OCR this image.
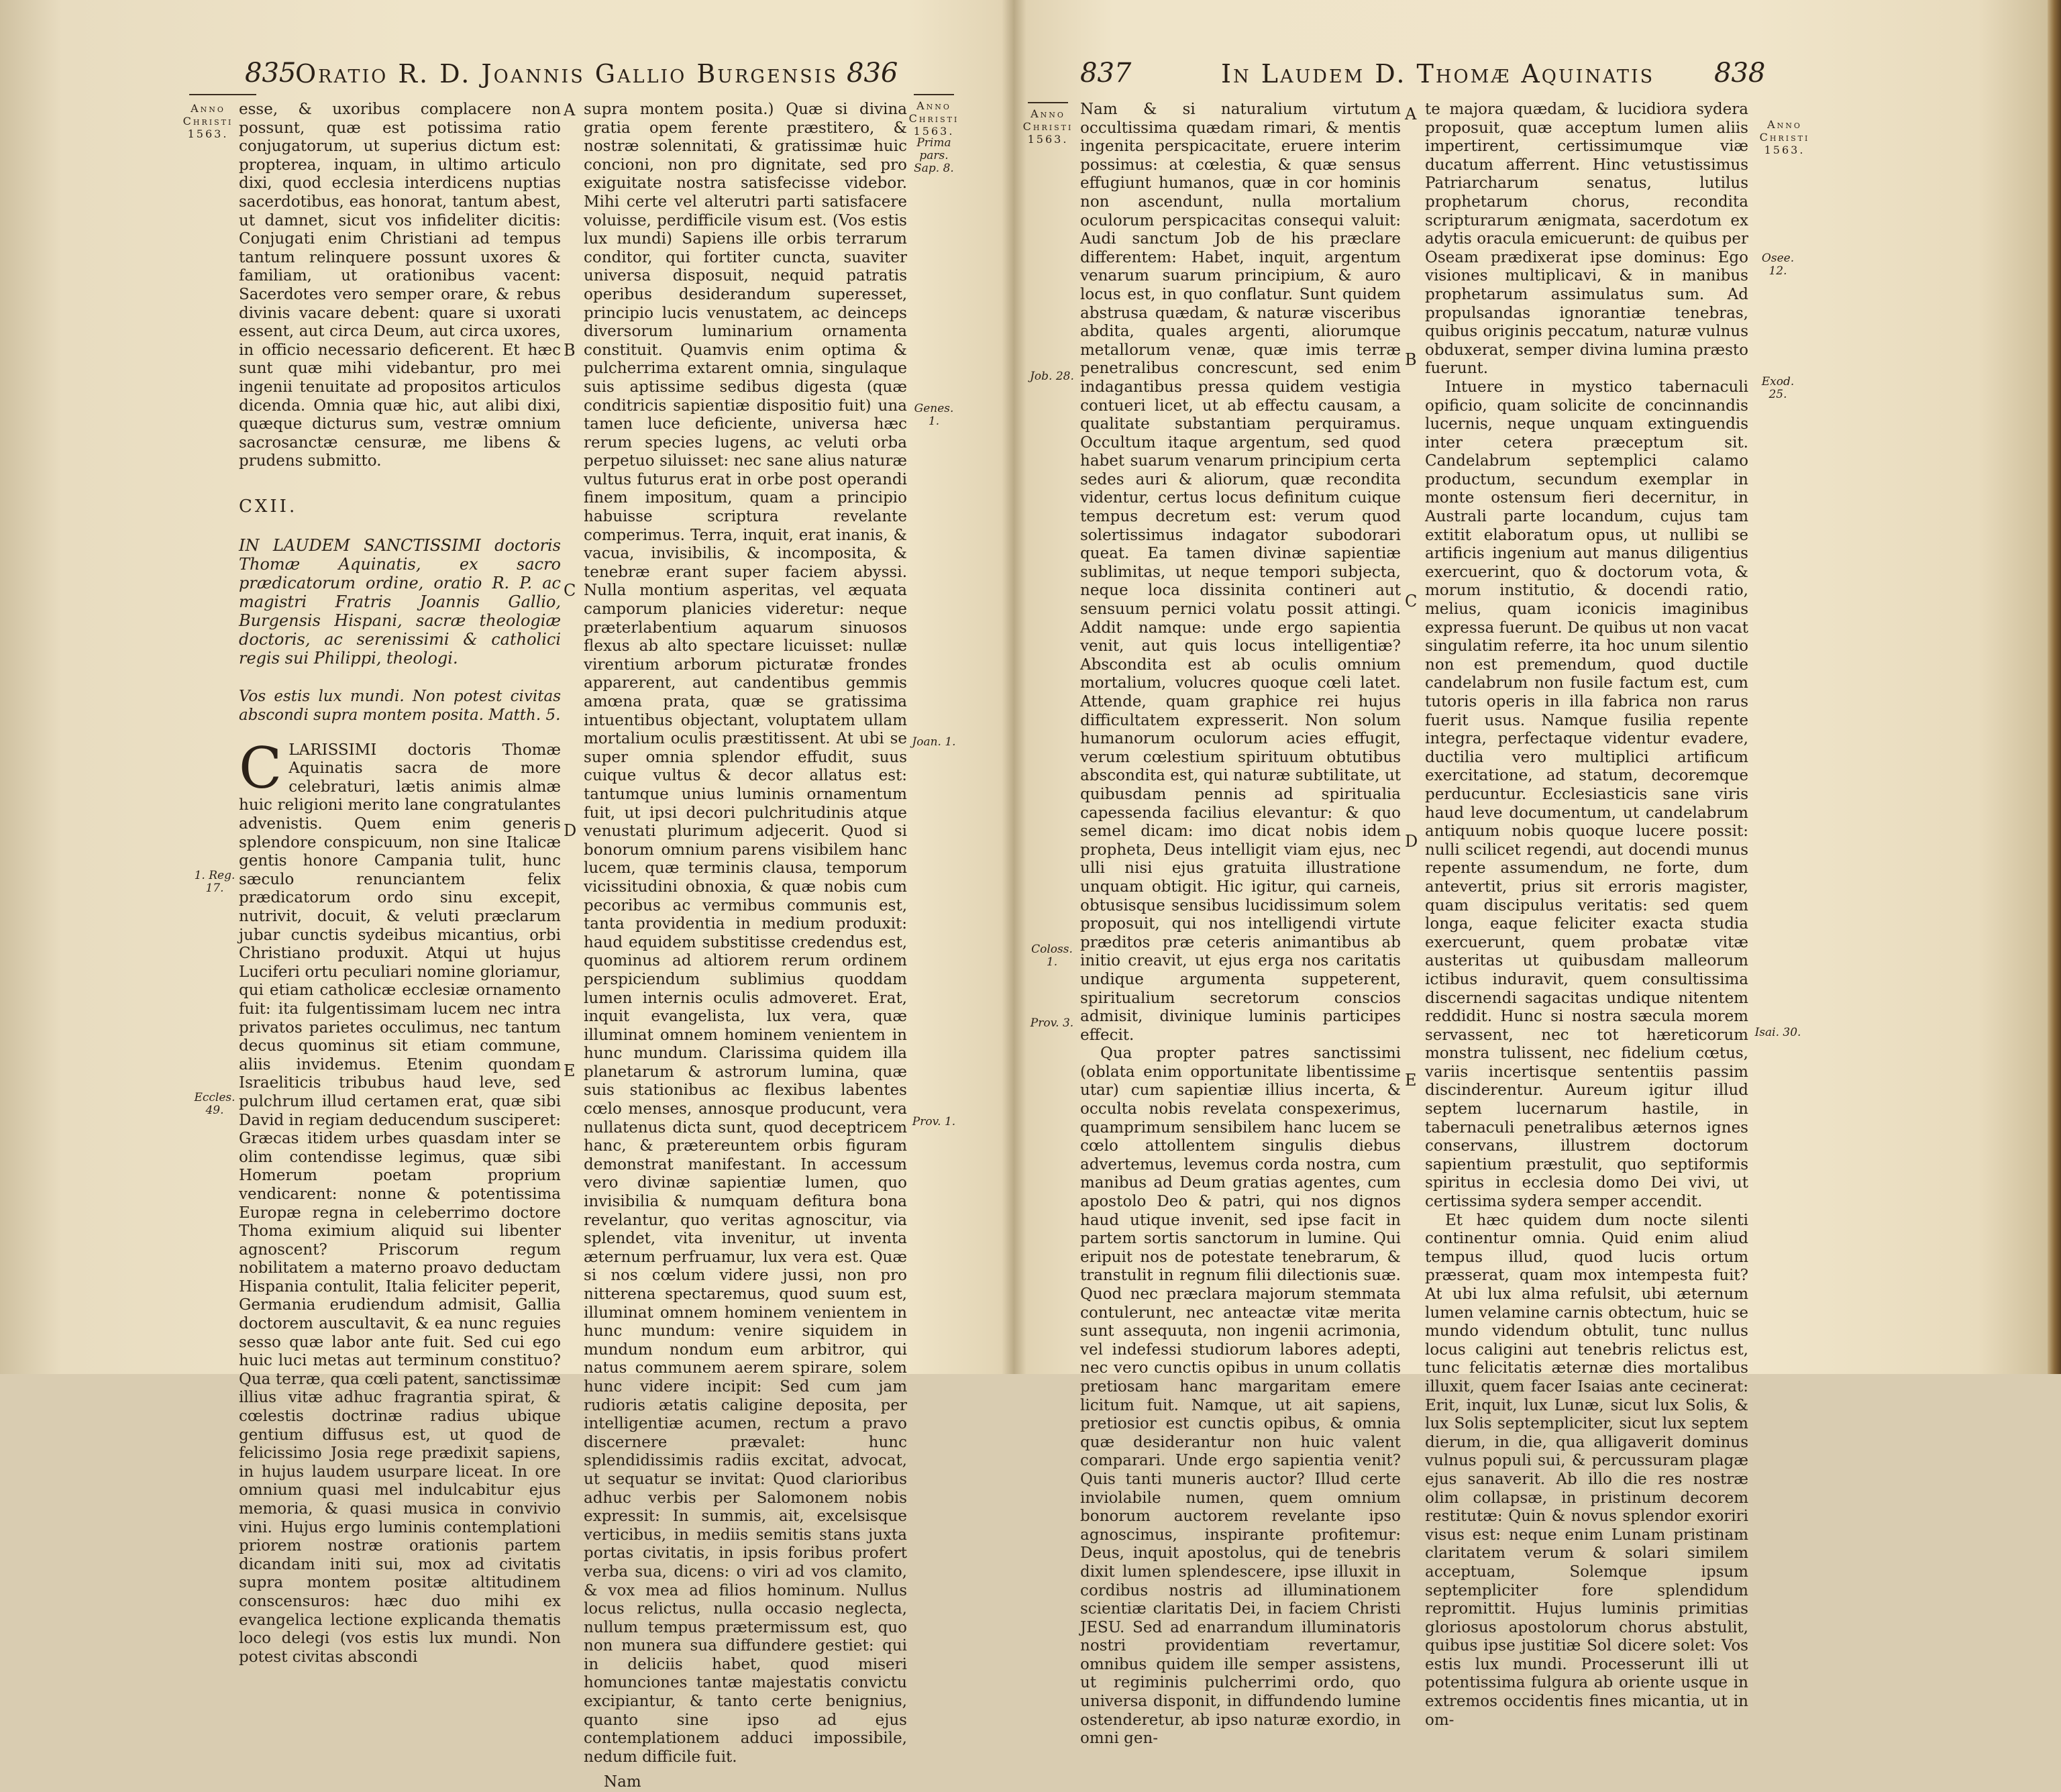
835
Oratio R. D. Joannis Gallio Burgensis 836
Anno
Christi
1563.
Anno
Christi
1563.

esse, & uxoribus complacere non possunt, quæ est potissima ratio conjugatorum, ut superius dictum est: propterea, inquam, in ultimo articulo dixi, quod ecclesia interdicens nuptias sacerdotibus, eas honorat, tantum abest, ut damnet, sicut vos infideliter dicitis: Conjugati enim Christiani ad tempus tantum relinquere possunt uxores & familiam, ut orationibus vacent: Sacerdotes vero semper orare, & rebus divinis vacare debent: quare si uxorati essent, aut circa Deum, aut circa uxores, in officio necessario deficerent. Et hæc sunt quæ mihi videbantur, pro mei ingenii tenuitate ad propositos articulos dicenda. Omnia quæ hic, aut alibi dixi, quæque dicturus sum, vestræ omnium sacrosanctæ censuræ, me libens & prudens submitto.

CXII.

IN LAUDEM SANCTISSIMI doctoris Thomæ Aquinatis, ex sacro prædicatorum ordine, oratio R. P. ac magistri Fratris Joannis Gallio, Burgensis Hispani, sacræ theologiæ doctoris, ac serenissimi & catholici regis sui Philippi, theologi.

Vos estis lux mundi. Non potest civitas abscondi supra montem posita. Matth. 5.

CLARISSIMI doctoris Thomæ Aquinatis sacra de more celebraturi, lætis animis almæ huic religioni merito lane congratulantes advenistis. Quem enim generis splendore conspicuum, non sine Italicæ gentis honore Campania tulit, hunc sæculo renunciantem felix prædicatorum ordo sinu excepit, nutrivit, docuit, & veluti præclarum jubar cunctis sydeibus micantius, orbi Christiano produxit. Atqui ut hujus Luciferi ortu peculiari nomine gloriamur, qui etiam catholicæ ecclesiæ ornamento fuit: ita fulgentissimam lucem nec intra privatos parietes occulimus, nec tantum decus quominus sit etiam commune, aliis invidemus. Etenim quondam Israeliticis tribubus haud leve, sed pulchrum illud certamen erat, quæ sibi David in regiam deducendum susciperet: Græcas itidem urbes quasdam inter se olim contendisse legimus, quæ sibi Homerum poetam proprium vendicarent: nonne & potentissima Europæ regna in celeberrimo doctore Thoma eximium aliquid sui libenter agnoscent? Priscorum regum nobilitatem a materno proavo deductam Hispania contulit, Italia feliciter peperit, Germania erudiendum admisit, Gallia doctorem auscultavit, & ea nunc reguies sesso quæ labor ante fuit. Sed cui ego huic luci metas aut terminum constituo? Qua terræ, qua cœli patent, sanctissimæ illius vitæ adhuc fragrantia spirat, & cœlestis doctrinæ radius ubique gentium diffusus est, ut quod de felicissimo Josia rege prædixit sapiens, in hujus laudem usurpare liceat. In ore omnium quasi mel indulcabitur ejus memoria, & quasi musica in convivio vini. Hujus ergo luminis contemplationi priorem nostræ orationis partem dicandam initi sui, mox ad civitatis supra montem positæ altitudinem conscensuros: hæc duo mihi ex evangelica lectione explicanda thematis loco delegi (vos estis lux mundi. Non potest civitas abscondi

supra montem posita.) Quæ si divina gratia opem ferente præstitero, & nostræ solennitati, & gratissimæ huic concioni, non pro dignitate, sed pro exiguitate nostra satisfecisse videbor. Mihi certe vel alterutri parti satisfacere voluisse, perdifficile visum est. (Vos estis lux mundi) Sapiens ille orbis terrarum conditor, qui fortiter cuncta, suaviter universa disposuit, nequid patratis operibus desiderandum superesset, principio lucis venustatem, ac deinceps diversorum luminarium ornamenta constituit. Quamvis enim optima & pulcherrima extarent omnia, singulaque suis aptissime sedibus digesta (quæ conditricis sapientiæ dispositio fuit) una tamen luce deficiente, universa hæc rerum species lugens, ac veluti orba perpetuo siluisset: nec sane alius naturæ vultus futurus erat in orbe post operandi finem impositum, quam a principio habuisse scriptura revelante comperimus. Terra, inquit, erat inanis, & vacua, invisibilis, & incomposita, & tenebræ erant super faciem abyssi. Nulla montium asperitas, vel æquata camporum planicies videretur: neque præterlabentium aquarum sinuosos flexus ab alto spectare licuisset: nullæ virentium arborum picturatæ frondes apparerent, aut candentibus gemmis amœna prata, quæ se gratissima intuentibus objectant, voluptatem ullam mortalium oculis præstitissent. At ubi se super omnia splendor effudit, suus cuique vultus & decor allatus est: tantumque unius luminis ornamentum fuit, ut ipsi decori pulchritudinis atque venustati plurimum adjecerit. Quod si bonorum omnium parens visibilem hanc lucem, quæ terminis clausa, temporum vicissitudini obnoxia, & quæ nobis cum pecoribus ac vermibus communis est, tanta providentia in medium produxit: haud equidem substitisse credendus est, quominus ad altiorem rerum ordinem perspiciendum sublimius quoddam lumen internis oculis admoveret. Erat, inquit evangelista, lux vera, quæ illuminat omnem hominem venientem in hunc mundum. Clarissima quidem illa planetarum & astrorum lumina, quæ suis stationibus ac flexibus labentes cœlo menses, annosque producunt, vera nullatenus dicta sunt, quod deceptricem hanc, & prætereuntem orbis figuram demonstrat manifestant. In accessum vero divinæ sapientiæ lumen, quo invisibilia & numquam defitura bona revelantur, quo veritas agnoscitur, via splendet, vita invenitur, ut inventa æternum perfruamur, lux vera est. Quæ si nos cœlum videre jussi, non pro nitterena spectaremus, quod suum est, illuminat omnem hominem venientem in hunc mundum: venire siquidem in mundum nondum eum arbitror, qui natus communem aerem spirare, solem hunc videre incipit: Sed cum jam rudioris ætatis caligine deposita, per intelligentiæ acumen, rectum a pravo discernere prævalet: hunc splendidissimis radiis excitat, advocat, ut sequatur se invitat: Quod clarioribus adhuc verbis per Salomonem nobis expressit: In summis, ait, excelsisque verticibus, in mediis semitis stans juxta portas civitatis, in ipsis foribus profert verba sua, dicens: o viri ad vos clamito, & vox mea ad filios hominum. Nullus locus relictus, nulla occasio neglecta, nullum tempus prætermissum est, quo non munera sua diffundere gestiet: qui in deliciis habet, quod miseri homunciones tantæ majestatis convictu excipiantur, & tanto certe benignius, quanto sine ipso ad ejus contemplationem adduci impossibile, nedum difficile fuit.

Nam

A
B
C
D
E
Prima pars. Sap. 8.
Genes. 1.
Joan. 1.
1. Reg. 17.
Eccles. 49.
Prov. 1.
837	In Laudem D. Thomæ Aquinatis 838
Anno
Christi
1563.
Anno
Christi
1563.

Nam & si naturalium virtutum occultissima quædam rimari, & mentis ingenita perspicacitate, eruere interim possimus: at cœlestia, & quæ sensus effugiunt humanos, quæ in cor hominis non ascendunt, nulla mortalium oculorum perspicacitas consequi valuit: Audi sanctum Job de his præclare differentem: Habet, inquit, argentum venarum suarum principium, & auro locus est, in quo conflatur. Sunt quidem abstrusa quædam, & naturæ visceribus abdita, quales argenti, aliorumque metallorum venæ, quæ imis terræ penetralibus concrescunt, sed enim indagantibus pressa quidem vestigia contueri licet, ut ab effectu causam, a qualitate substantiam perquiramus. Occultum itaque argentum, sed quod habet suarum venarum principium certa sedes auri & aliorum, quæ recondita videntur, certus locus definitum cuique tempus decretum est: verum quod solertissimus indagator subodorari queat. Ea tamen divinæ sapientiæ sublimitas, ut neque tempori subjecta, neque loca dissinita contineri aut sensuum pernici volatu possit attingi. Addit namque: unde ergo sapientia venit, aut quis locus intelligentiæ? Abscondita est ab oculis omnium mortalium, volucres quoque cœli latet. Attende, quam graphice rei hujus difficultatem expresserit. Non solum humanorum oculorum acies effugit, verum cœlestium spirituum obtutibus abscondita est, qui naturæ subtilitate, ut quibusdam pennis ad spiritualia capessenda facilius elevantur: & quo semel dicam: imo dicat nobis idem propheta, Deus intelligit viam ejus, nec ulli nisi ejus gratuita illustratione unquam obtigit. Hic igitur, qui carneis, obtusisque sensibus lucidissimum solem proposuit, qui nos intelligendi virtute præditos præ ceteris animantibus ab initio creavit, ut ejus erga nos caritatis undique argumenta suppeterent, spiritualium secretorum conscios admisit, divinique luminis participes effecit.

Qua propter patres sanctissimi (oblata enim opportunitate libentissime utar) cum sapientiæ illius incerta, & occulta nobis revelata conspexerimus, quamprimum sensibilem hanc lucem se cœlo attollentem singulis diebus advertemus, levemus corda nostra, cum manibus ad Deum gratias agentes, cum apostolo Deo & patri, qui nos dignos haud utique invenit, sed ipse facit in partem sortis sanctorum in lumine. Qui eripuit nos de potestate tenebrarum, & transtulit in regnum filii dilectionis suæ. Quod nec præclara majorum stemmata contulerunt, nec anteactæ vitæ merita sunt assequuta, non ingenii acrimonia, vel indefessi studiorum labores adepti, nec vero cunctis opibus in unum collatis pretiosam hanc margaritam emere licitum fuit. Namque, ut ait sapiens, pretiosior est cunctis opibus, & omnia quæ desiderantur non huic valent comparari. Unde ergo sapientia venit? Quis tanti muneris auctor? Illud certe inviolabile numen, quem omnium bonorum auctorem revelante ipso agnoscimus, inspirante profitemur: Deus, inquit apostolus, qui de tenebris dixit lumen splendescere, ipse illuxit in cordibus nostris ad illuminationem scientiæ claritatis Dei, in faciem Christi JESU. Sed ad enarrandum illuminatoris nostri providentiam revertamur, omnibus quidem ille semper assistens, ut regiminis pulcherrimi ordo, quo universa disponit, in diffundendo lumine ostenderetur, ab ipso naturæ exordio, in omni gen-

te majora quædam, & lucidiora sydera proposuit, quæ acceptum lumen aliis impertirent, certissimumque viæ ducatum afferrent. Hinc vetustissimus Patriarcharum senatus, lutilus prophetarum chorus, recondita scripturarum ænigmata, sacerdotum ex adytis oracula emicuerunt: de quibus per Oseam prædixerat ipse dominus: Ego visiones multiplicavi, & in manibus prophetarum assimulatus sum. Ad propulsandas ignorantiæ tenebras, quibus originis peccatum, naturæ vulnus obduxerat, semper divina lumina præsto fuerunt.

Intuere in mystico tabernaculi opificio, quam solicite de concinnandis lucernis, neque unquam extinguendis inter cetera præceptum sit. Candelabrum septemplici calamo productum, secundum exemplar in monte ostensum fieri decernitur, in Australi parte locandum, cujus tam extitit elaboratum opus, ut nullibi se artificis ingenium aut manus diligentius exercuerint, quo & doctorum vota, & morum institutio, & docendi ratio, melius, quam iconicis imaginibus expressa fuerunt. De quibus ut non vacat singulatim referre, ita hoc unum silentio non est premendum, quod ductile candelabrum non fusile factum est, cum tutoris operis in illa fabrica non rarus fuerit usus. Namque fusilia repente integra, perfectaque videntur evadere, ductilia vero multiplici artificum exercitatione, ad statum, decoremque perducuntur. Ecclesiasticis sane viris haud leve documentum, ut candelabrum antiquum nobis quoque lucere possit: nulli scilicet regendi, aut docendi munus repente assumendum, ne forte, dum antevertit, prius sit erroris magister, quam discipulus veritatis: sed quem longa, eaque feliciter exacta studia exercuerunt, quem probatæ vitæ austeritas ut quibusdam malleorum ictibus induravit, quem consultissima discernendi sagacitas undique nitentem reddidit. Hunc si nostra sæcula morem servassent, nec tot hæreticorum monstra tulissent, nec fidelium cœtus, variis incertisque sententiis passim discinderentur. Aureum igitur illud septem lucernarum hastile, in tabernaculi penetralibus æternos ignes conservans, illustrem doctorum sapientium præstulit, quo septiformis spiritus in ecclesia domo Dei vivi, ut certissima sydera semper accendit.

Et hæc quidem dum nocte silenti continentur omnia. Quid enim aliud tempus illud, quod lucis ortum præsserat, quam mox intempesta fuit? At ubi lux alma refulsit, ubi æternum lumen velamine carnis obtectum, huic se mundo videndum obtulit, tunc nullus locus caligini aut tenebris relictus est, tunc felicitatis æternæ dies mortalibus illuxit, quem facer Isaias ante cecinerat: Erit, inquit, lux Lunæ, sicut lux Solis, & lux Solis septempliciter, sicut lux septem dierum, in die, qua alligaverit dominus vulnus populi sui, & percussuram plagæ ejus sanaverit. Ab illo die res nostræ olim collapsæ, in pristinum decorem restitutæ: Quin & novus splendor exoriri visus est: neque enim Lunam pristinam claritatem verum & solari similem acceptuam, Solemque ipsum septempliciter fore splendidum repromittit. Hujus luminis primitias gloriosus apostolorum chorus abstulit, quibus ipse justitiæ Sol dicere solet: Vos estis lux mundi. Processerunt illi ut potentissima fulgura ab oriente usque in extremos occidentis fines micantia, ut in om-

A
B
C
D
E
Job. 28.
Coloss. 1.
Prov. 3.
Osee. 12.
Exod. 25.
Isai. 30.
